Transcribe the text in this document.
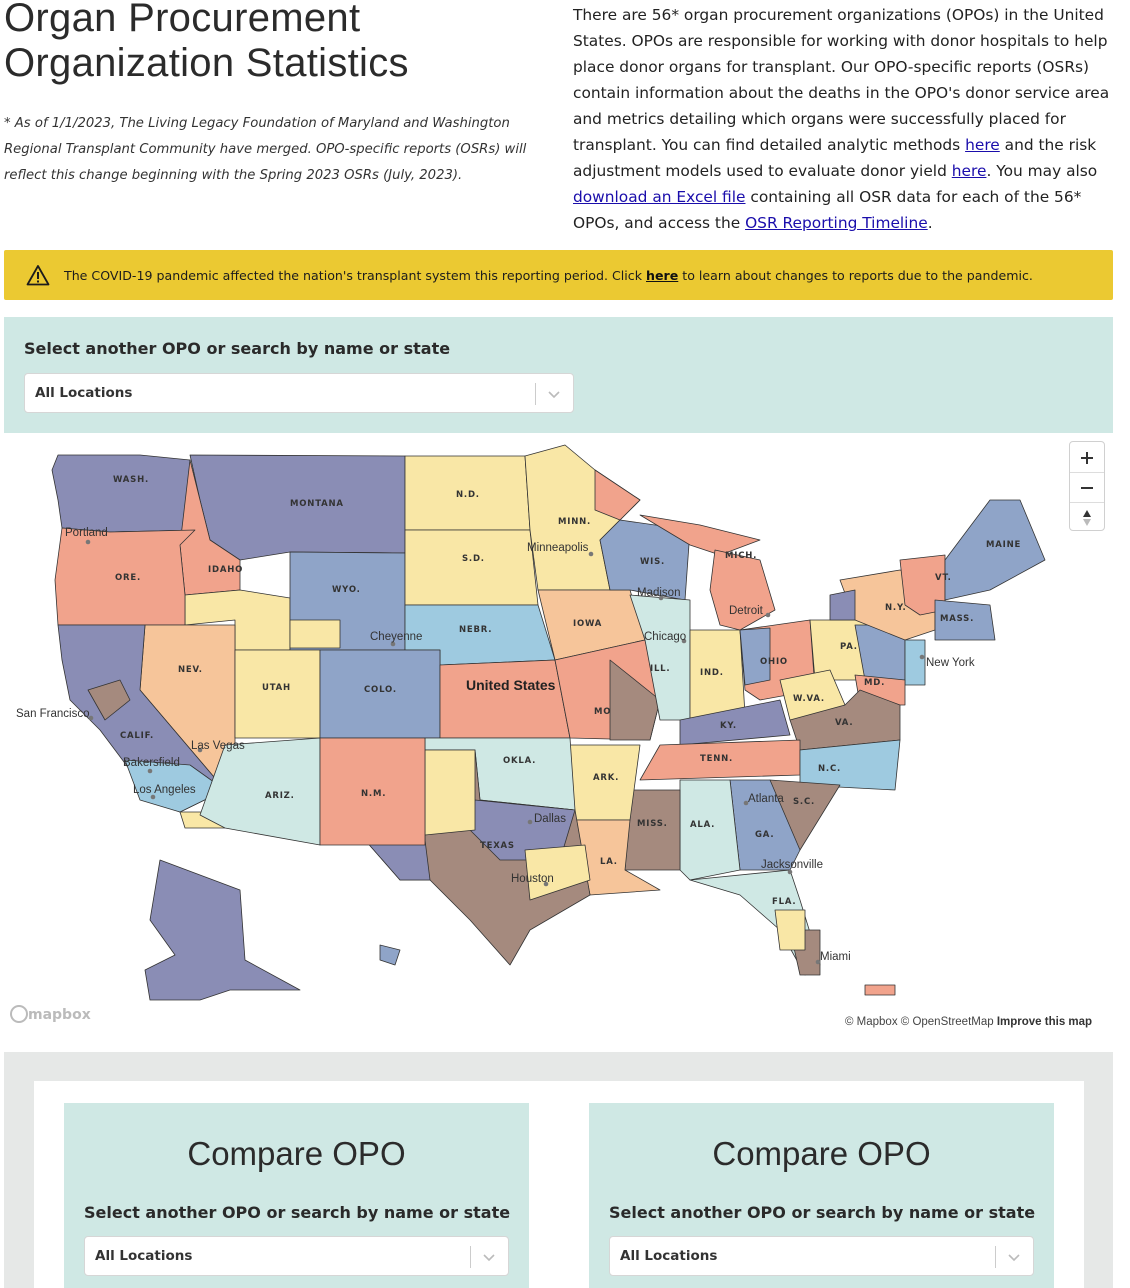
Organ Procurement
Organization Statistics

* As of 1/1/2023, The Living Legacy Foundation of Maryland and Washington Regional Transplant Community have merged. OPO-specific reports (OSRs) will reflect this change beginning with the Spring 2023 OSRs (July, 2023).

There are 56* organ procurement organizations (OPOs) in the United States. OPOs are responsible for working with donor hospitals to help place donor organs for transplant. Our OPO-specific reports (OSRs) contain information about the deaths in the OPO's donor service area and metrics detailing which organs were successfully placed for transplant. You can find detailed analytic methods here and the risk adjustment models used to evaluate donor yield here. You may also download an Excel file containing all OSR data for each of the 56* OPOs, and access the OSR Reporting Timeline.

The COVID-19 pandemic affected the nation's transplant system this reporting period. Click here to learn about changes to reports due to the pandemic.
Select another OPO or search by name or state
All Locations
WASH.
MONTANA
N.D.
MINN.
ORE.
IDAHO
S.D.
WYO.
WIS.
MICH.
MAINE
VT.
N.Y.
MASS.
IOWA
NEBR.
NEV.
UTAH	COLO.
ILL.	IND.
OHIO
PA.
MD.
CALIF.
United States
MO
KY.
W.VA.
VA.
OKLA.
ARK.
TENN.
N.C.
ARIZ.	N.M.
S.C.
GA.
ALA.
MISS.
TEXAS
LA.
FLA.
Portland
Minneapolis
Madison
Detroit
Cheyenne	Chicago
New York
San Francisco
Las Vegas
Bakersfield
Los Angeles
Dallas
Atlanta
Houston
Jacksonville
Miami
mapbox	© Mapbox © OpenStreetMap Improve this map
Compare OPO
Select another OPO or search by name or state
All Locations
Compare OPO
Select another OPO or search by name or state
All Locations
